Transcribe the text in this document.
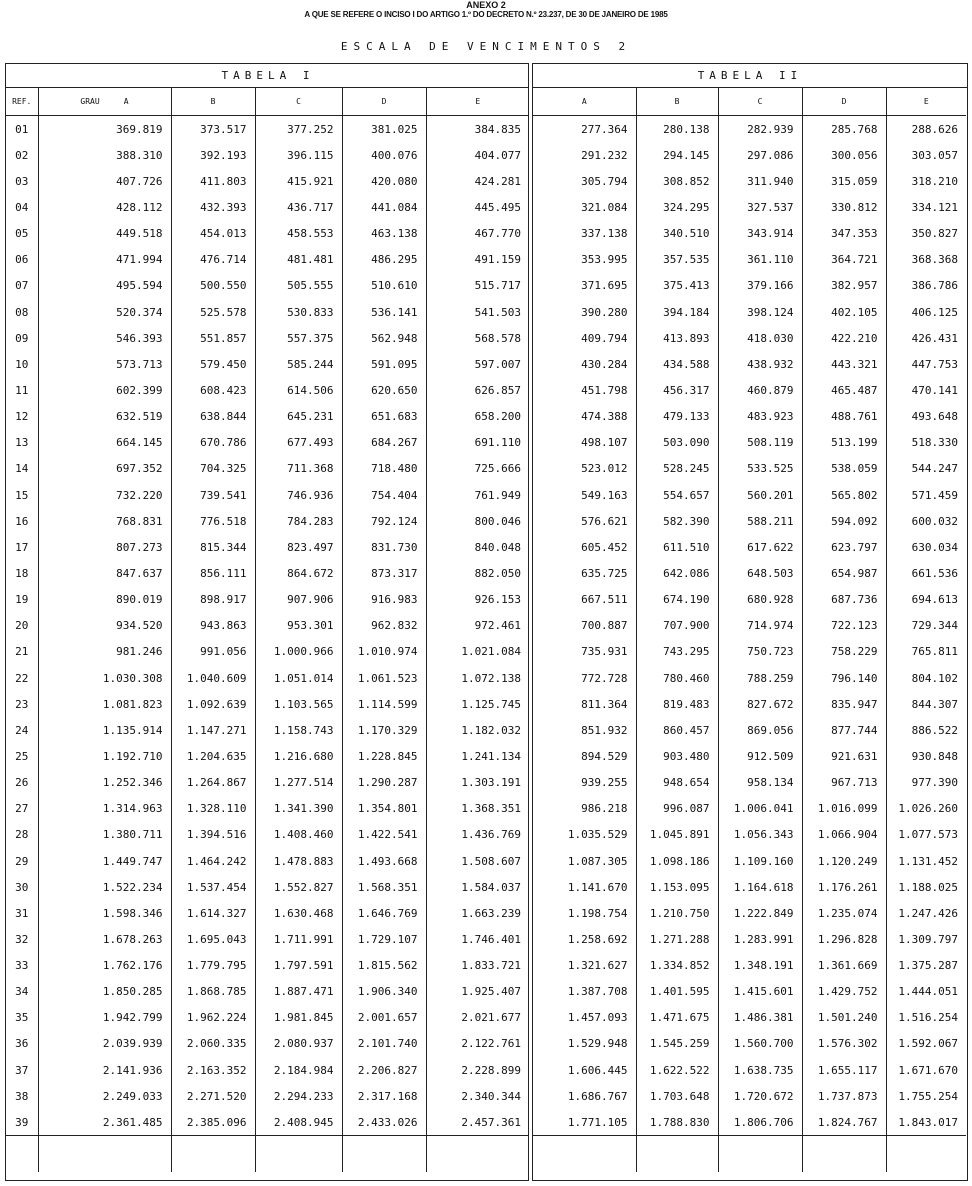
ANEXO 2
A QUE SE REFERE O INCISO I DO ARTIGO 1.º DO DECRETO N.º 23.237, DE 30 DE JANEIRO DE 1985
ESCALA DE VENCIMENTOS 2
TABELA I
REF.	GRAU A	B	C	D	E
01	369.819	373.517	377.252	381.025	384.835
02	388.310	392.193	396.115	400.076	404.077
03	407.726	411.803	415.921	420.080	424.281
04	428.112	432.393	436.717	441.084	445.495
05	449.518	454.013	458.553	463.138	467.770
06	471.994	476.714	481.481	486.295	491.159
07	495.594	500.550	505.555	510.610	515.717
08	520.374	525.578	530.833	536.141	541.503
09	546.393	551.857	557.375	562.948	568.578
10	573.713	579.450	585.244	591.095	597.007
11	602.399	608.423	614.506	620.650	626.857
12	632.519	638.844	645.231	651.683	658.200
13	664.145	670.786	677.493	684.267	691.110
14	697.352	704.325	711.368	718.480	725.666
15	732.220	739.541	746.936	754.404	761.949
16	768.831	776.518	784.283	792.124	800.046
17	807.273	815.344	823.497	831.730	840.048
18	847.637	856.111	864.672	873.317	882.050
19	890.019	898.917	907.906	916.983	926.153
20	934.520	943.863	953.301	962.832	972.461
21	981.246	991.056	1.000.966	1.010.974	1.021.084
22	1.030.308	1.040.609	1.051.014	1.061.523	1.072.138
23	1.081.823	1.092.639	1.103.565	1.114.599	1.125.745
24	1.135.914	1.147.271	1.158.743	1.170.329	1.182.032
25	1.192.710	1.204.635	1.216.680	1.228.845	1.241.134
26	1.252.346	1.264.867	1.277.514	1.290.287	1.303.191
27	1.314.963	1.328.110	1.341.390	1.354.801	1.368.351
28	1.380.711	1.394.516	1.408.460	1.422.541	1.436.769
29	1.449.747	1.464.242	1.478.883	1.493.668	1.508.607
30	1.522.234	1.537.454	1.552.827	1.568.351	1.584.037
31	1.598.346	1.614.327	1.630.468	1.646.769	1.663.239
32	1.678.263	1.695.043	1.711.991	1.729.107	1.746.401
33	1.762.176	1.779.795	1.797.591	1.815.562	1.833.721
34	1.850.285	1.868.785	1.887.471	1.906.340	1.925.407
35	1.942.799	1.962.224	1.981.845	2.001.657	2.021.677
36	2.039.939	2.060.335	2.080.937	2.101.740	2.122.761
37	2.141.936	2.163.352	2.184.984	2.206.827	2.228.899
38	2.249.033	2.271.520	2.294.233	2.317.168	2.340.344
39	2.361.485	2.385.096	2.408.945	2.433.026	2.457.361

TABELA II
A	B	C	D	E
277.364	280.138	282.939	285.768	288.626
291.232	294.145	297.086	300.056	303.057
305.794	308.852	311.940	315.059	318.210
321.084	324.295	327.537	330.812	334.121
337.138	340.510	343.914	347.353	350.827
353.995	357.535	361.110	364.721	368.368
371.695	375.413	379.166	382.957	386.786
390.280	394.184	398.124	402.105	406.125
409.794	413.893	418.030	422.210	426.431
430.284	434.588	438.932	443.321	447.753
451.798	456.317	460.879	465.487	470.141
474.388	479.133	483.923	488.761	493.648
498.107	503.090	508.119	513.199	518.330
523.012	528.245	533.525	538.059	544.247
549.163	554.657	560.201	565.802	571.459
576.621	582.390	588.211	594.092	600.032
605.452	611.510	617.622	623.797	630.034
635.725	642.086	648.503	654.987	661.536
667.511	674.190	680.928	687.736	694.613
700.887	707.900	714.974	722.123	729.344
735.931	743.295	750.723	758.229	765.811
772.728	780.460	788.259	796.140	804.102
811.364	819.483	827.672	835.947	844.307
851.932	860.457	869.056	877.744	886.522
894.529	903.480	912.509	921.631	930.848
939.255	948.654	958.134	967.713	977.390
986.218	996.087	1.006.041	1.016.099	1.026.260
1.035.529	1.045.891	1.056.343	1.066.904	1.077.573
1.087.305	1.098.186	1.109.160	1.120.249	1.131.452
1.141.670	1.153.095	1.164.618	1.176.261	1.188.025
1.198.754	1.210.750	1.222.849	1.235.074	1.247.426
1.258.692	1.271.288	1.283.991	1.296.828	1.309.797
1.321.627	1.334.852	1.348.191	1.361.669	1.375.287
1.387.708	1.401.595	1.415.601	1.429.752	1.444.051
1.457.093	1.471.675	1.486.381	1.501.240	1.516.254
1.529.948	1.545.259	1.560.700	1.576.302	1.592.067
1.606.445	1.622.522	1.638.735	1.655.117	1.671.670
1.686.767	1.703.648	1.720.672	1.737.873	1.755.254
1.771.105	1.788.830	1.806.706	1.824.767	1.843.017
